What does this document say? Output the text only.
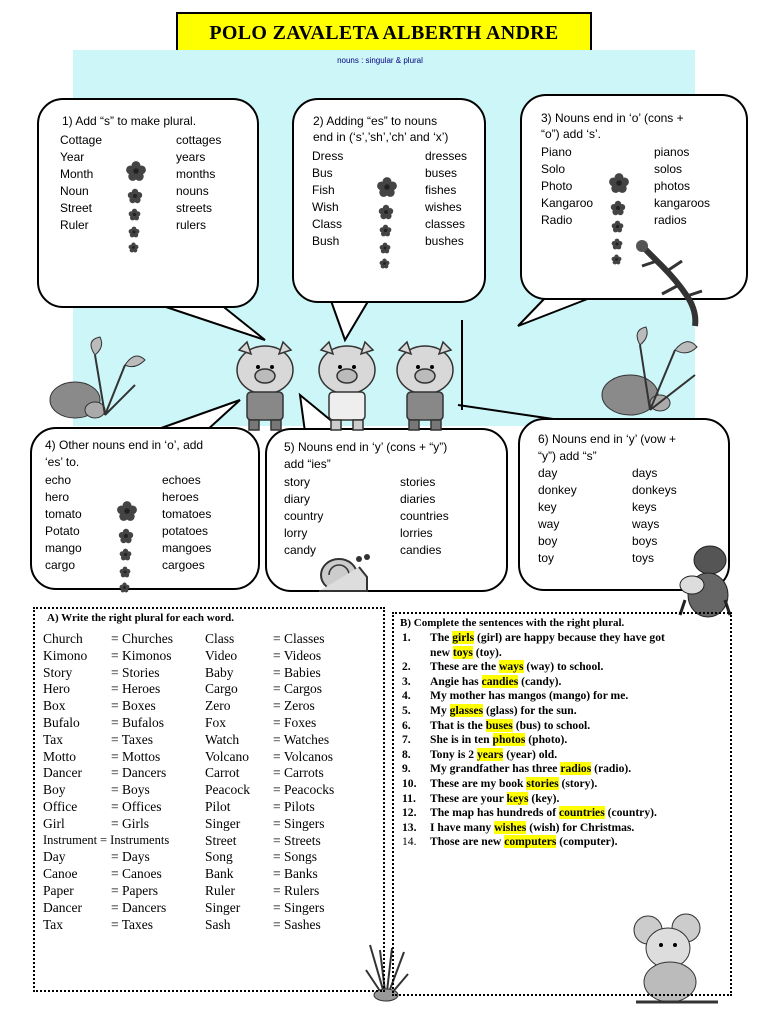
POLO ZAVALETA ALBERTH ANDRE
nouns : singular & plural
1) Add “s” to make plural.
Cottage	cottages
Year	years
Month	months
Noun	nouns
Street	streets
Ruler	rulers
2) Adding “es” to nouns
end in (‘s’,’sh’,’ch’ and ‘x’)
Dress	dresses
Bus	buses
Fish	fishes
Wish	wishes
Class	classes
Bush	bushes
3) Nouns end in ‘o’ (cons +
“o”) add ‘s’.
Piano	pianos
Solo	solos
Photo	photos
Kangaroo	kangaroos
Radio	radios
4) Other nouns end in ‘o’, add
‘es’ to.
echo	echoes
hero	heroes
tomato	tomatoes
Potato	potatoes
mango	mangoes
cargo	cargoes
5) Nouns end in ‘y’ (cons + “y”)
add “ies”
story	stories
diary	diaries
country	countries
lorry	lorries
candy	candies
6) Nouns end in ‘y’ (vow +
“y”) add “s”
day	days
donkey	donkeys
key	keys
way	ways
boy	boys
toy	toys
A) Write the right plural for each word.
Church = Churches Class	= Classes
Kimono = Kimonos Video	= Videos
Story	= Stories	Baby	= Babies
Hero	= Heroes	Cargo	= Cargos
Box	= Boxes	Zero	= Zeros
Bufalo = Bufalos	Fox	= Foxes
Tax	= Taxes	Watch	= Watches
Motto	= Mottos	Volcano = Volcanos
Dancer = Dancers	Carrot = Carrots
Boy	= Boys	Peacock = Peacocks
Office	= Offices	Pilot	= Pilots
Girl	= Girls	Singer = Singers
Instrument = Instruments	Street	= Streets
Day	= Days	Song	= Songs
Canoe = Canoes	Bank	= Banks
Paper	= Papers	Ruler	= Rulers
Dancer = Dancers	Singer = Singers
Tax	= Taxes	Sash	= Sashes
B) Complete the sentences with the right plural.
1. The girls (girl) are happy because they have got
new toys (toy).
2. These are the ways (way) to school.
3. Angie has candies (candy).
4. My mother has mangos (mango) for me.
5. My glasses (glass) for the sun.
6. That is the buses (bus) to school.
7. She is in ten photos (photo).
8. Tony is 2 years (year) old.
9. My grandfather has three radios (radio).
10. These are my book stories (story).
11. These are your keys (key).
12. The map has hundreds of countries (country).
13. I have many wishes (wish) for Christmas.
14. Those are new computers (computer).
